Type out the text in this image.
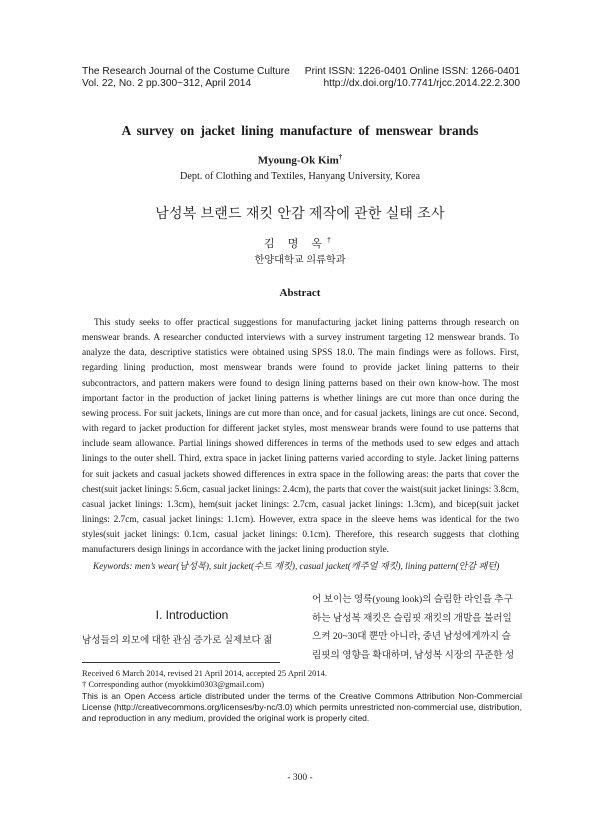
The Research Journal of the Costume Culture
Vol. 22, No. 2 pp.300~312, April 2014
Print ISSN: 1226-0401 Online ISSN: 1266-0401
http://dx.doi.org/10.7741/rjcc.2014.22.2.300
A survey on jacket lining manufacture of menswear brands
Myoung-Ok Kim†
Dept. of Clothing and Textiles, Hanyang University, Korea
남성복 브랜드 재킷 안감 제작에 관한 실태 조사
김 명 옥†
한양대학교 의류학과
Abstract
This study seeks to offer practical suggestions for manufacturing jacket lining patterns through research on menswear brands. A researcher conducted interviews with a survey instrument targeting 12 menswear brands. To analyze the data, descriptive statistics were obtained using SPSS 18.0. The main findings were as follows. First, regarding lining production, most menswear brands were found to provide jacket lining patterns to their subcontractors, and pattern makers were found to design lining patterns based on their own know-how. The most important factor in the production of jacket lining patterns is whether linings are cut more than once during the sewing process. For suit jackets, linings are cut more than once, and for casual jackets, linings are cut once. Second, with regard to jacket production for different jacket styles, most menswear brands were found to use patterns that include seam allowance. Partial linings showed differences in terms of the methods used to sew edges and attach linings to the outer shell. Third, extra space in jacket lining patterns varied according to style. Jacket lining patterns for suit jackets and casual jackets showed differences in extra space in the following areas: the parts that cover the chest(suit jacket linings: 5.6cm, casual jacket linings: 2.4cm), the parts that cover the waist(suit jacket linings: 3.8cm, casual jacket linings: 1.3cm), hem(suit jacket linings: 2.7cm, casual jacket linings: 1.3cm), and bicep(suit jacket linings: 2.7cm, casual jacket linings: 1.1cm). However, extra space in the sleeve hems was identical for the two styles(suit jacket linings: 0.1cm, casual jacket linings: 0.1cm). Therefore, this research suggests that clothing manufacturers design linings in accordance with the jacket lining production style.
Keywords: men’s wear(남성복), suit jacket(수트 재킷), casual jacket(캐주얼 재킷), lining pattern(안감 패턴)
I. Introduction
남성들의 외모에 대한 관심 증가로 실제보다 젊
어 보이는 영룩(young look)의 슬림한 라인을 추구
하는 남성복 재킷은 슬림핏 재킷의 개발을 불러일
으켜 20~30대 뿐만 아니라, 중년 남성에게까지 슬
림핏의 영향을 확대하며, 남성복 시장의 꾸준한 성
Received 6 March 2014, revised 21 April 2014, accepted 25 April 2014.
† Corresponding author (myokkim0303@gmail.com)
This is an Open Access article distributed under the terms of the Creative Commons Attribution Non-Commercial License (http://creativecommons.org/licenses/by-nc/3.0) which permits unrestricted non-commercial use, distribution, and reproduction in any medium, provided the original work is properly cited.
- 300 -
